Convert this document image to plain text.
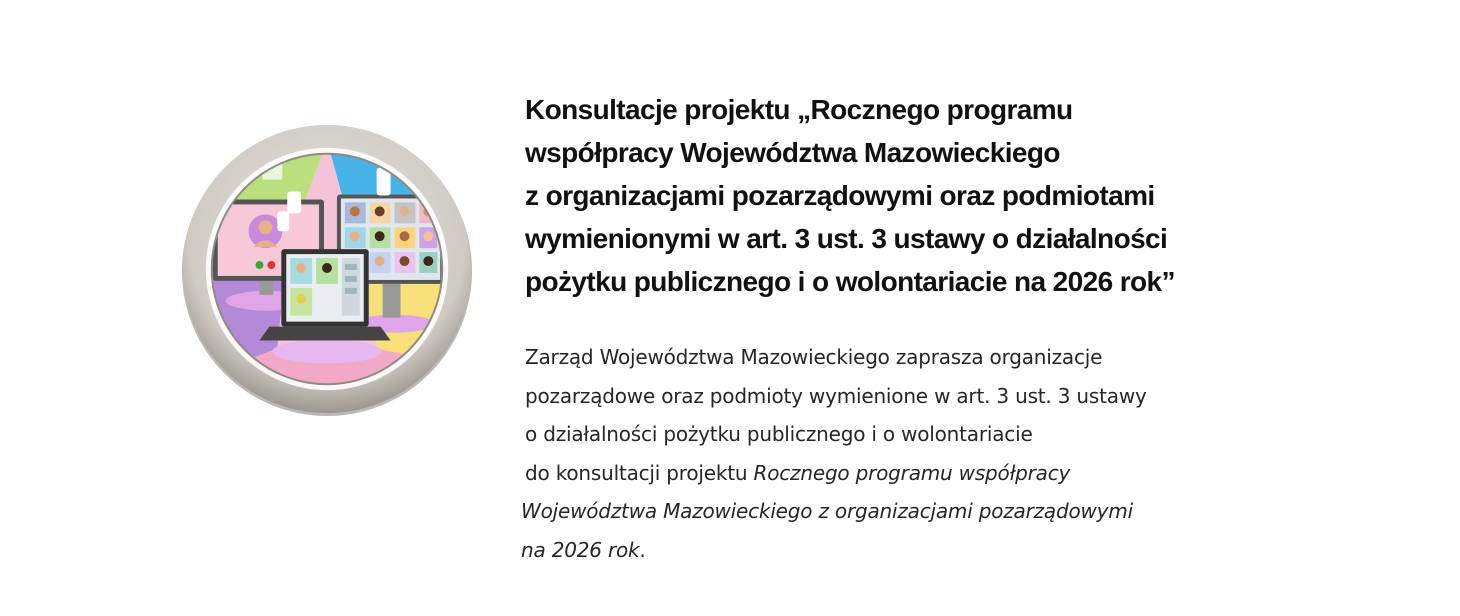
Konsultacje projektu „Rocznego programu
współpracy Województwa Mazowieckiego
z organizacjami pozarządowymi oraz podmiotami
wymienionymi w art. 3 ust. 3 ustawy o działalności
pożytku publicznego i o wolontariacie na 2026 rok”

Zarząd Województwa Mazowieckiego zaprasza organizacje
pozarządowe oraz podmioty wymienione w art. 3 ust. 3 ustawy
o działalności pożytku publicznego i o wolontariacie
do konsultacji projektu Rocznego programu współpracy
Województwa Mazowieckiego z organizacjami pozarządowymi
na 2026 rok.
